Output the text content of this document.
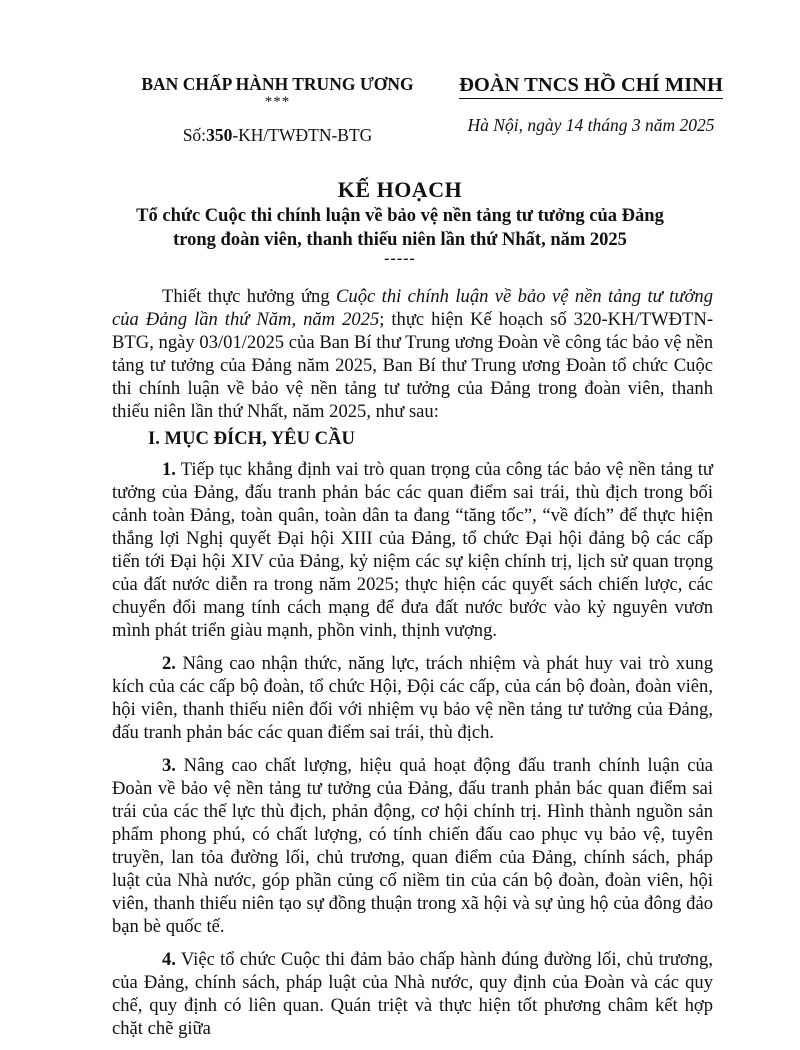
BAN CHẤP HÀNH TRUNG ƯƠNG
***
Số:350-KH/TWĐTN-BTG
ĐOÀN TNCS HỒ CHÍ MINH
Hà Nội, ngày 14 tháng 3 năm 2025
KẾ HOẠCH
Tổ chức Cuộc thi chính luận về bảo vệ nền tảng tư tưởng của Đảng
trong đoàn viên, thanh thiếu niên lần thứ Nhất, năm 2025
-----

Thiết thực hưởng ứng Cuộc thi chính luận về bảo vệ nền tảng tư tưởng của Đảng lần thứ Năm, năm 2025; thực hiện Kế hoạch số 320-KH/TWĐTN-BTG, ngày 03/01/2025 của Ban Bí thư Trung ương Đoàn về công tác bảo vệ nền tảng tư tưởng của Đảng năm 2025, Ban Bí thư Trung ương Đoàn tổ chức Cuộc thi chính luận về bảo vệ nền tảng tư tưởng của Đảng trong đoàn viên, thanh thiếu niên lần thứ Nhất, năm 2025, như sau:

I. MỤC ĐÍCH, YÊU CẦU

1. Tiếp tục khẳng định vai trò quan trọng của công tác bảo vệ nền tảng tư tưởng của Đảng, đấu tranh phản bác các quan điểm sai trái, thù địch trong bối cảnh toàn Đảng, toàn quân, toàn dân ta đang “tăng tốc”, “về đích” để thực hiện thắng lợi Nghị quyết Đại hội XIII của Đảng, tổ chức Đại hội đảng bộ các cấp tiến tới Đại hội XIV của Đảng, kỷ niệm các sự kiện chính trị, lịch sử quan trọng của đất nước diễn ra trong năm 2025; thực hiện các quyết sách chiến lược, các chuyển đổi mang tính cách mạng để đưa đất nước bước vào kỷ nguyên vươn mình phát triển giàu mạnh, phồn vinh, thịnh vượng.

2. Nâng cao nhận thức, năng lực, trách nhiệm và phát huy vai trò xung kích của các cấp bộ đoàn, tổ chức Hội, Đội các cấp, của cán bộ đoàn, đoàn viên, hội viên, thanh thiếu niên đối với nhiệm vụ bảo vệ nền tảng tư tưởng của Đảng, đấu tranh phản bác các quan điểm sai trái, thù địch.

3. Nâng cao chất lượng, hiệu quả hoạt động đấu tranh chính luận của Đoàn về bảo vệ nền tảng tư tưởng của Đảng, đấu tranh phản bác quan điểm sai trái của các thế lực thù địch, phản động, cơ hội chính trị. Hình thành nguồn sản phẩm phong phú, có chất lượng, có tính chiến đấu cao phục vụ bảo vệ, tuyên truyền, lan tỏa đường lối, chủ trương, quan điểm của Đảng, chính sách, pháp luật của Nhà nước, góp phần củng cố niềm tin của cán bộ đoàn, đoàn viên, hội viên, thanh thiếu niên tạo sự đồng thuận trong xã hội và sự ủng hộ của đông đảo bạn bè quốc tế.

4. Việc tổ chức Cuộc thi đảm bảo chấp hành đúng đường lối, chủ trương, của Đảng, chính sách, pháp luật của Nhà nước, quy định của Đoàn và các quy chế, quy định có liên quan. Quán triệt và thực hiện tốt phương châm kết hợp chặt chẽ giữa
